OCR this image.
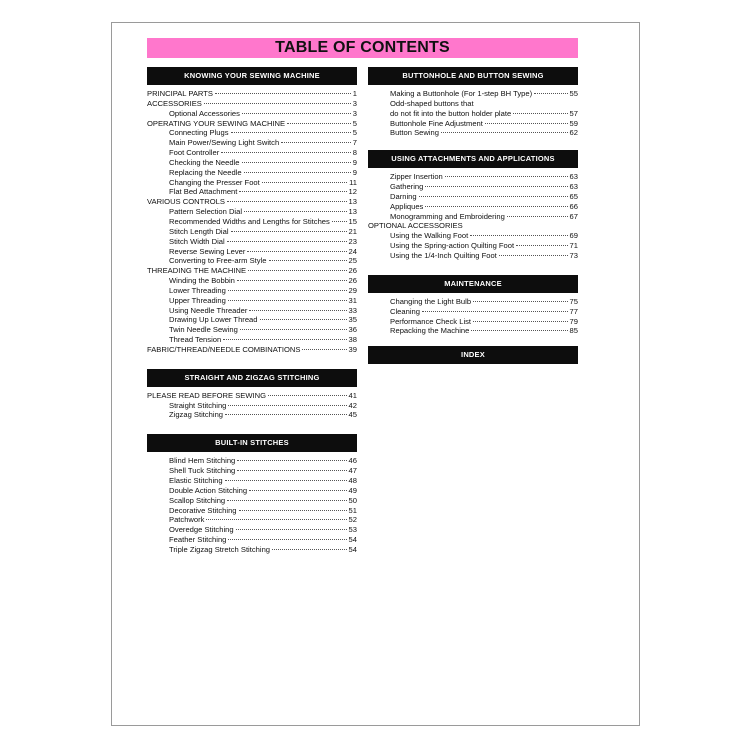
TABLE OF CONTENTS
KNOWING YOUR SEWING MACHINE
PRINCIPAL PARTS	1
ACCESSORIES	3
Optional Accessories	3
OPERATING YOUR SEWING MACHINE	5
Connecting Plugs	5
Main Power/Sewing Light Switch	7
Foot Controller	8
Checking the Needle	9
Replacing the Needle	9
Changing the Presser Foot	11
Flat Bed Attachment	12
VARIOUS CONTROLS	13
Pattern Selection Dial	13
Recommended Widths and Lengths for Stitches 15
Stitch Length Dial	21
Stitch Width Dial	23
Reverse Sewing Lever	24
Converting to Free-arm Style	25
THREADING THE MACHINE	26
Winding the Bobbin	26
Lower Threading	29
Upper Threading	31
Using Needle Threader	33
Drawing Up Lower Thread	35
Twin Needle Sewing	36
Thread Tension	38
FABRIC/THREAD/NEEDLE COMBINATIONS	39
STRAIGHT AND ZIGZAG STITCHING
PLEASE READ BEFORE SEWING	41
Straight Stitching	42
Zigzag Stitching	45
BUILT-IN STITCHES
Blind Hem Stitching	46
Shell Tuck Stitching	47
Elastic Stitching	48
Double Action Stitching	49
Scallop Stitching	50
Decorative Stitching	51
Patchwork	52
Overedge Stitching	53
Feather Stitching	54
Triple Zigzag Stretch Stitching	54
BUTTONHOLE AND BUTTON SEWING
Making a Buttonhole (For 1-step BH Type)	55
Odd-shaped buttons that
do not fit into the button holder plate	57
Buttonhole Fine Adjustment	59
Button Sewing	62
USING ATTACHMENTS AND APPLICATIONS
Zipper Insertion	63
Gathering	63
Darning	65
Appliques	66
Monogramming and Embroidering	67
OPTIONAL ACCESSORIES
Using the Walking Foot	69
Using the Spring-action Quilting Foot	71
Using the 1/4-Inch Quilting Foot	73
MAINTENANCE
Changing the Light Bulb	75
Cleaning	77
Performance Check List	79
Repacking the Machine	85
INDEX
